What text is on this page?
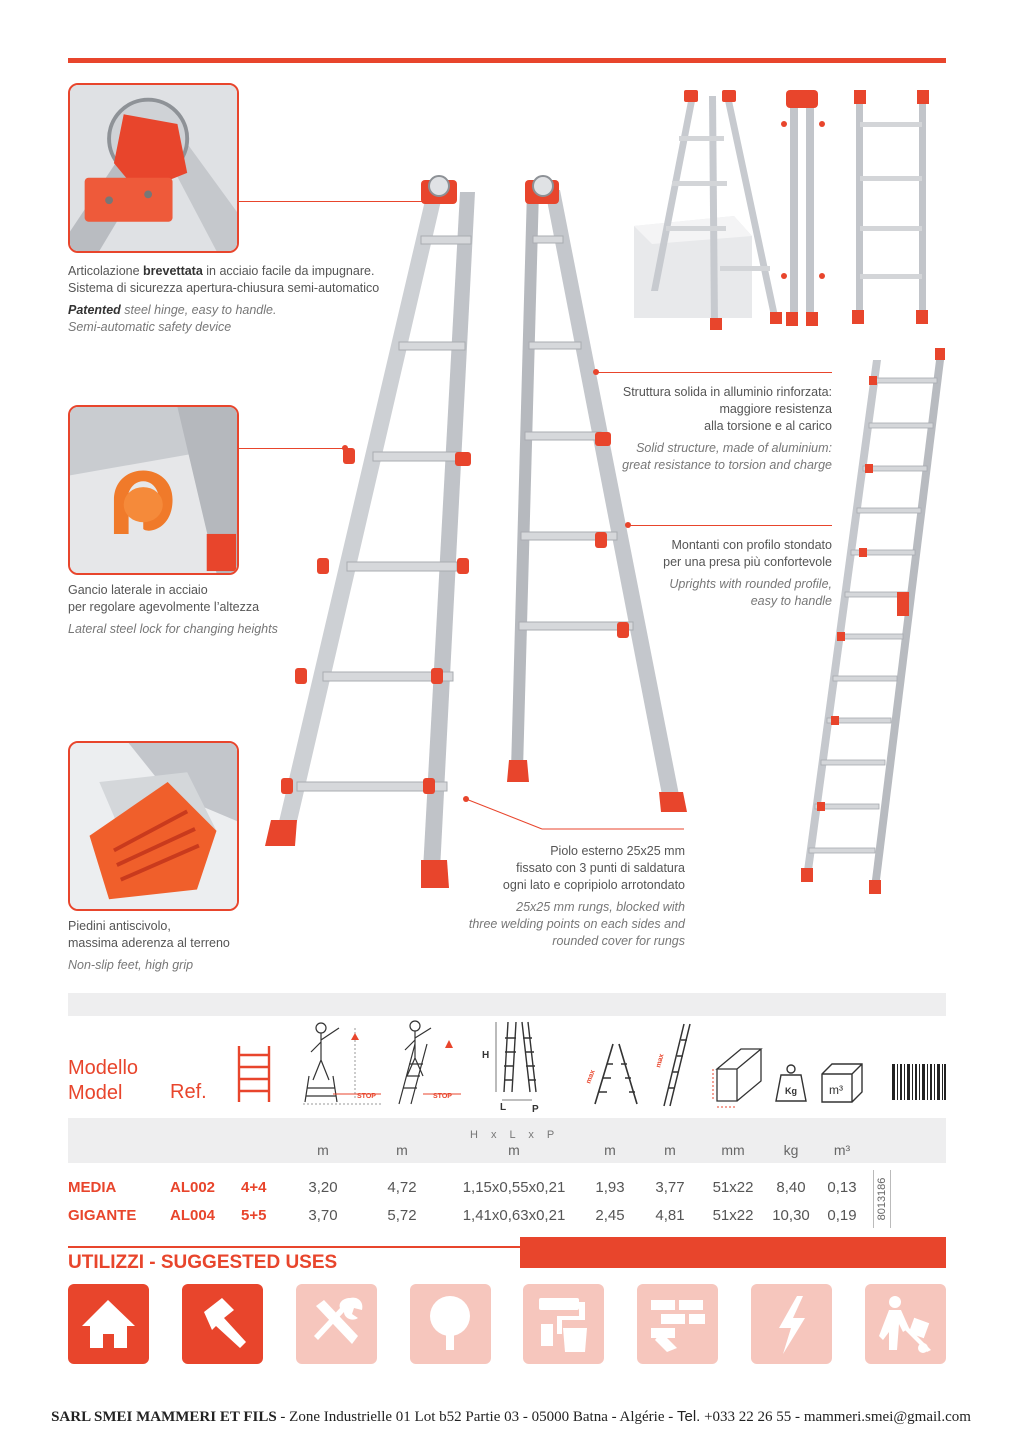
Articolazione brevettata in acciaio facile da impugnare.
Sistema di sicurezza apertura-chiusura semi-automatico
Patented steel hinge, easy to handle.
Semi-automatic safety device
Gancio laterale in acciaio
per regolare agevolmente l’altezza
Lateral steel lock for changing heights
Piedini antiscivolo,
massima aderenza al terreno
Non-slip feet, high grip
Struttura solida in alluminio rinforzata:
maggiore resistenza
alla torsione e al carico
Solid structure, made of aluminium:
great resistance to torsion and charge
Montanti con profilo stondato
per una presa più confortevole
Uprights with rounded profile,
easy to handle
Piolo esterno 25x25 mm
fissato con 3 punti di saldatura
ogni lato e copripiolo arrotondato
25x25 mm rungs, blocked with
three welding points on each sides and
rounded cover for rungs
Modello
Model	Ref.	STOP	STOP
H
L	P
max
max
Kg	m³
H x L x P
m	m	m	m	m	mm	kg	m³
MEDIA	AL002 4+4	3,20	4,72	1,15x0,55x0,21	1,93	3,77	51x22	8,40	0,13
GIGANTE AL004 5+5	3,70	5,72	1,41x0,63x0,21	2,45	4,81	51x22	10,30	0,19	8013186
UTILIZZI - SUGGESTED USES
SARL SMEI MAMMERI ET FILS - Zone Industrielle 01 Lot b52 Partie 03 - 05000 Batna - Algérie - Tel. +033 22 26 55 - mammeri.smei@gmail.com
